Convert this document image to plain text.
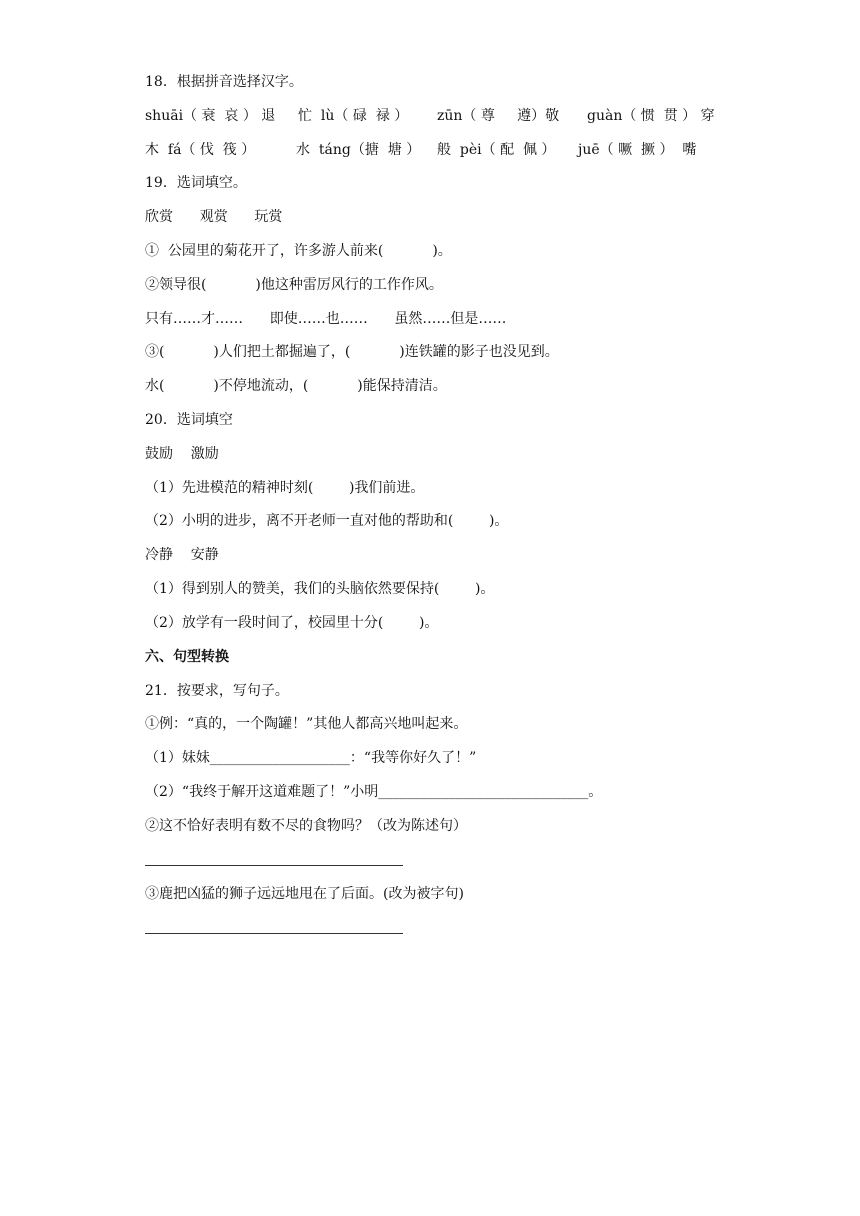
18．根据拼音选择汉字。
shuāi（ 衰  哀 ） 退 忙  lù（ 碌  禄 ） zūn（ 尊     遵）敬 guàn（ 惯  贯 ） 穿
木  fá（ 伐  筏 ）	水  táng（搪  塘 ） 般  pèi（ 配  佩 ） juē（ 噘  撅 ）  嘴
19．选词填空。
欣赏      观赏      玩赏
①  公园里的菊花开了，许多游人前来(           )。
②领导很(           )他这种雷厉风行的工作作风。
只有……才……      即使……也……      虽然……但是……
③(           )人们把土都掘遍了，(           )连铁罐的影子也没见到。
水(           )不停地流动，(           )能保持清洁。
20．选词填空
鼓励    激励
（1）先进模范的精神时刻(        )我们前进。
（2）小明的进步，离不开老师一直对他的帮助和(        )。
冷静    安静
（1）得到别人的赞美，我们的头脑依然要保持(        )。
（2）放学有一段时间了，校园里十分(        )。
六、句型转换
21．按要求，写句子。
①例：“真的，一个陶罐！”其他人都高兴地叫起来。
（1）妹妹____________________：“我等你好久了！”
（2）“我终于解开这道难题了！”小明______________________________。
②这不恰好表明有数不尽的食物吗？（改为陈述句）
③鹿把凶猛的狮子远远地甩在了后面。(改为被字句)
